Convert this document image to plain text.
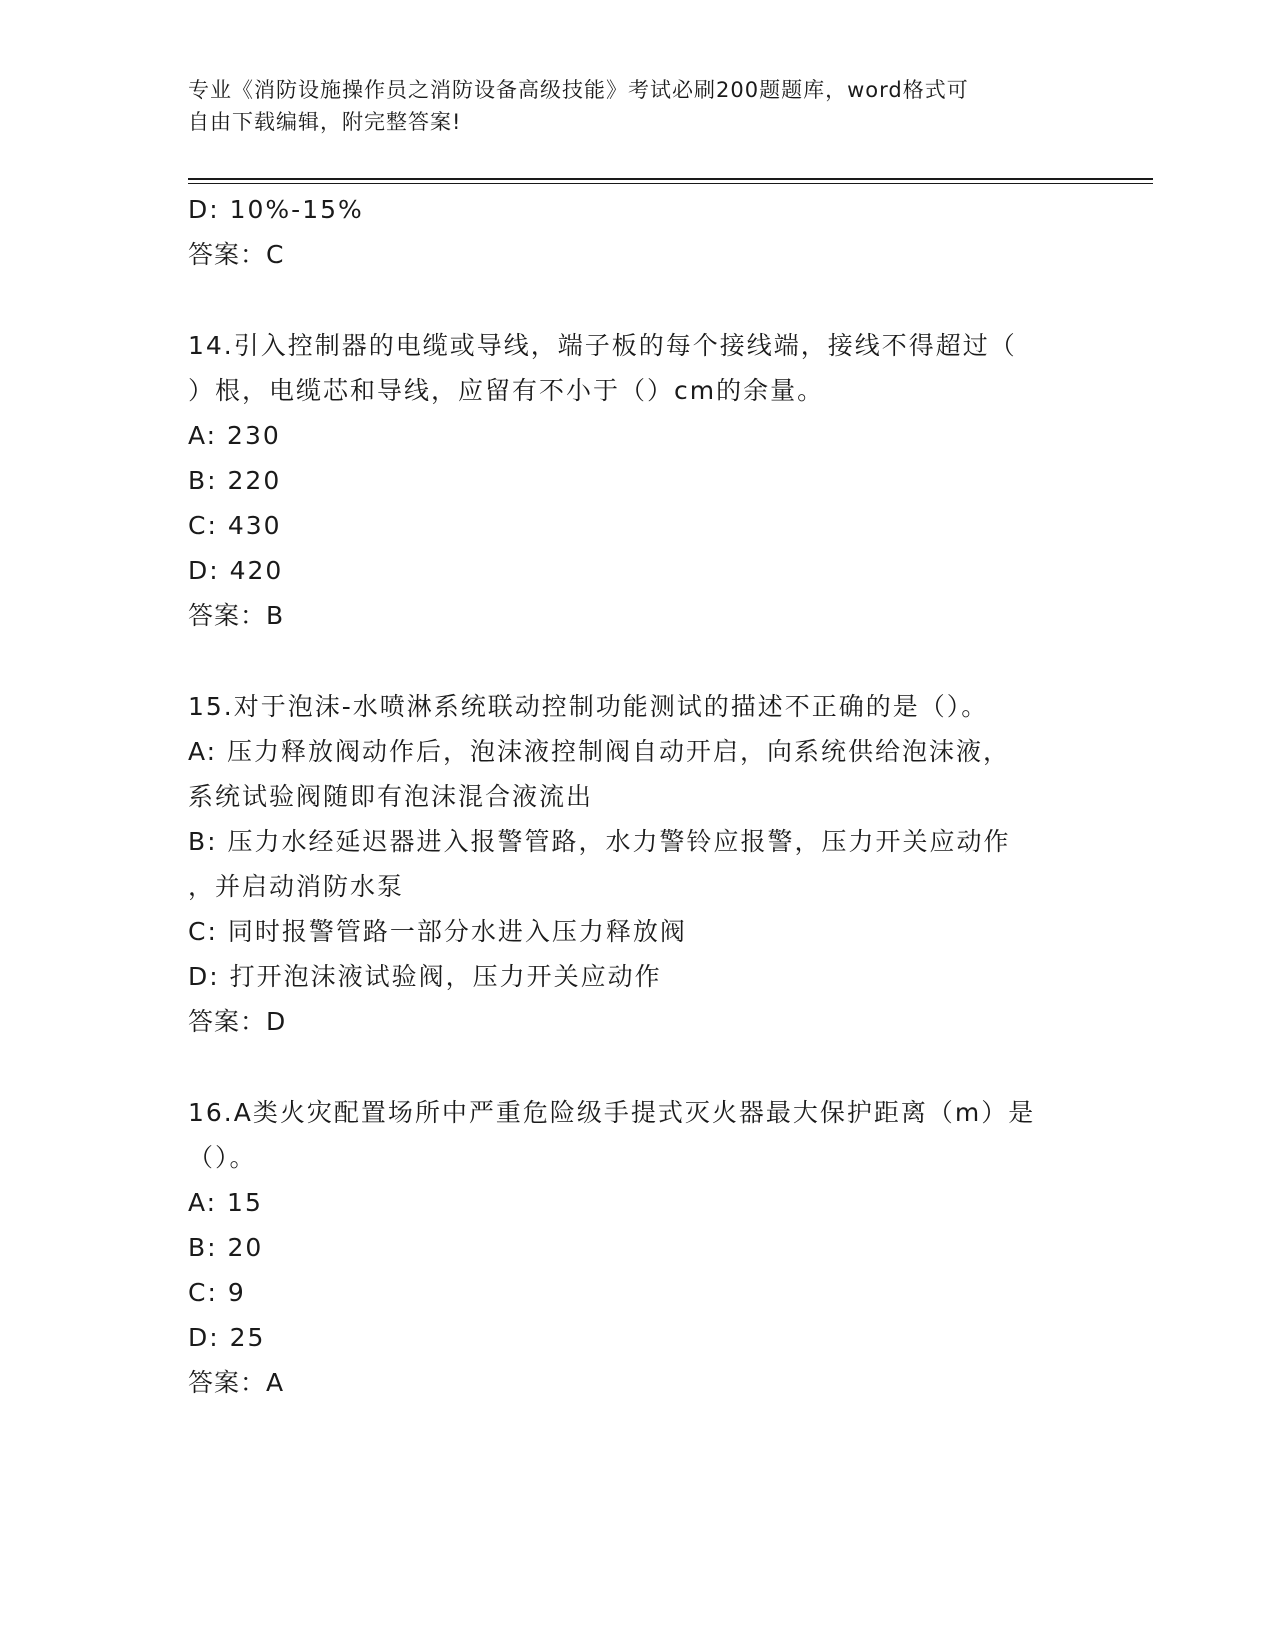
专业《消防设施操作员之消防设备高级技能》考试必刷200题题库，word格式可
自由下载编辑，附完整答案!
D: 10%-15%
答案：C
14.引入控制器的电缆或导线，端子板的每个接线端，接线不得超过（
）根，电缆芯和导线，应留有不小于（）cm的余量。
A: 230
B: 220
C: 430
D: 420
答案：B
15.对于泡沫-水喷淋系统联动控制功能测试的描述不正确的是（）。
A: 压力释放阀动作后，泡沫液控制阀自动开启，向系统供给泡沫液，
系统试验阀随即有泡沫混合液流出
B: 压力水经延迟器进入报警管路，水力警铃应报警，压力开关应动作
，并启动消防水泵
C: 同时报警管路一部分水进入压力释放阀
D: 打开泡沫液试验阀，压力开关应动作
答案：D
16.A类火灾配置场所中严重危险级手提式灭火器最大保护距离（m）是
（）。
A: 15
B: 20
C: 9
D: 25
答案：A
